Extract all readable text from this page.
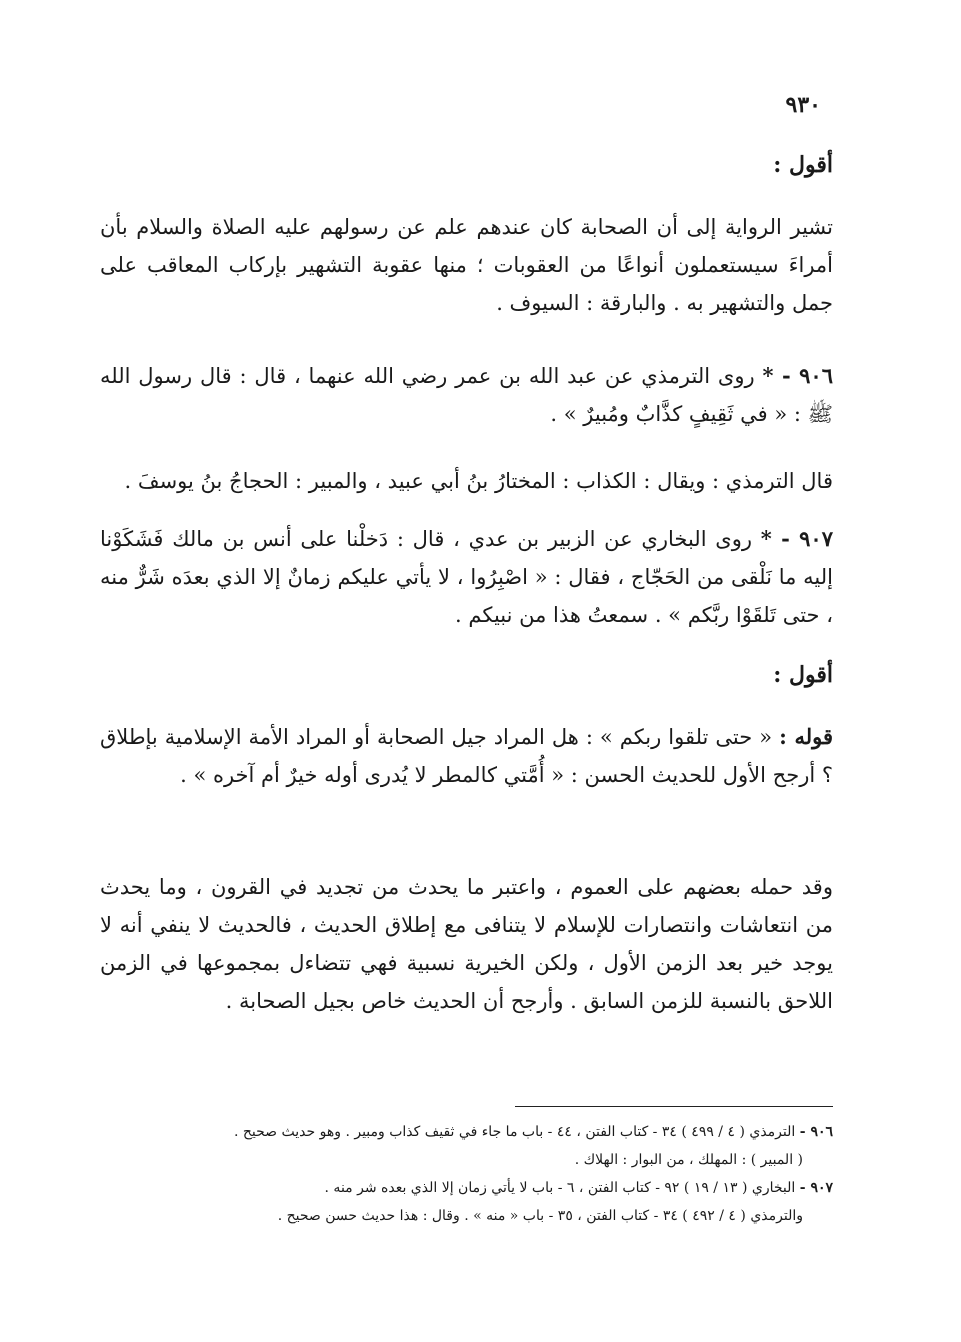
٩٣٠
أقول :

تشير الرواية إلى أن الصحابة كان عندهم علم عن رسولهم عليه الصلاة والسلام بأن أمراءَ سيستعملون أنواعًا من العقوبات ؛ منها عقوبة التشهير بإركاب المعاقب على جمل والتشهير به . والبارقة : السيوف .

٩٠٦ - * روى الترمذي عن عبد الله بن عمر رضي الله عنهما ، قال : قال رسول الله ﷺ : « في ثَقِيفٍ كذَّابٌ ومُبيرٌ » .

قال الترمذي : ويقال : الكذاب : المختارُ بنُ أبي عبيد ، والمبير : الحجاجُ بنُ يوسفَ .

٩٠٧ - * روى البخاري عن الزبير بن عدي ، قال : دَخلْنا على أنس بن مالك فَشَكَوْنا إليه ما نَلْقى من الحَجّاج ، فقال : « اصْبِرُوا ، لا يأتي عليكم زمانٌ إلا الذي بعدَه شَرٌّ منه ، حتى تَلقَوْا ربَّكم » . سمعتُ هذا من نبيكم .

أقول :

قوله : « حتى تلقوا ربكم » : هل المراد جيل الصحابة أو المراد الأمة الإسلامية بإطلاق ؟ أرجح الأول للحديث الحسن : « أُمَّتي كالمطر لا يُدرى أوله خيرٌ أم آخره » .

وقد حمله بعضهم على العموم ، واعتبر ما يحدث من تجديد في القرون ، وما يحدث من انتعاشات وانتصارات للإسلام لا يتنافى مع إطلاق الحديث ، فالحديث لا ينفي أنه لا يوجد خير بعد الزمن الأول ، ولكن الخيرية نسبية فهي تتضاءل بمجموعها في الزمن اللاحق بالنسبة للزمن السابق . وأرجح أن الحديث خاص بجيل الصحابة .

٩٠٦ - الترمذي ( ٤ / ٤٩٩ ) ٣٤ - كتاب الفتن ، ٤٤ - باب ما جاء في ثقيف كذاب ومبير . وهو حديث صحيح .

( المبير ) : المهلك ، من البوار : الهلاك .

٩٠٧ - البخاري ( ١٣ / ١٩ ) ٩٢ - كتاب الفتن ، ٦ - باب لا يأتي زمان إلا الذي بعده شر منه .

والترمذي ( ٤ / ٤٩٢ ) ٣٤ - كتاب الفتن ، ٣٥ - باب « منه » . وقال : هذا حديث حسن صحيح .
